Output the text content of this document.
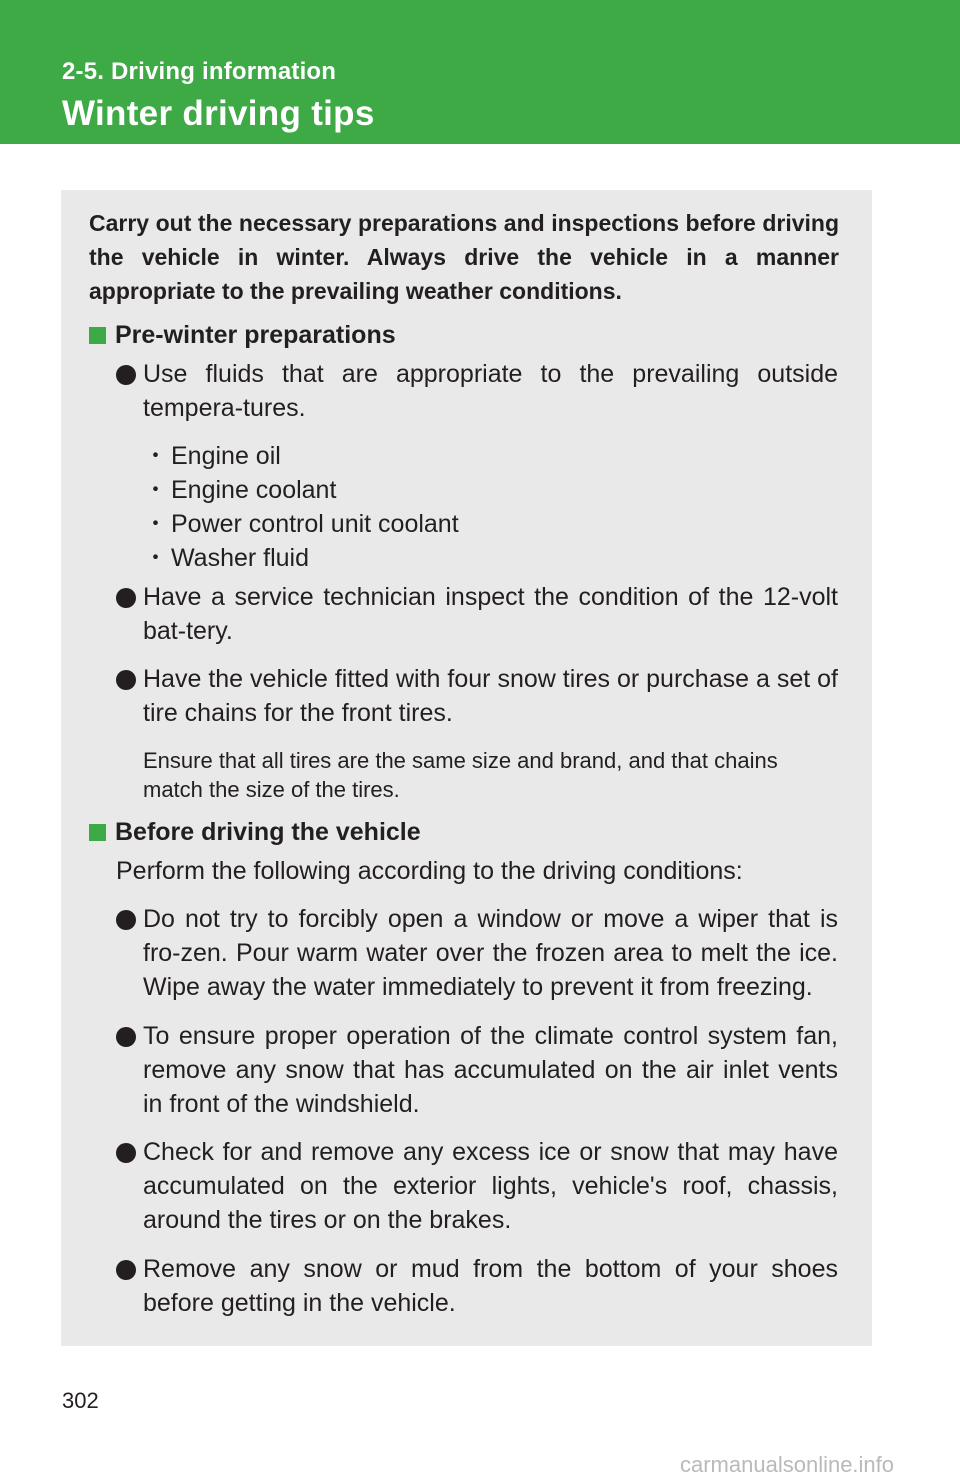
2-5. Driving information
Winter driving tips
Carry out the necessary preparations and inspections before driving the vehicle in winter. Always drive the vehicle in a manner appropriate to the prevailing weather conditions.
Pre-winter preparations
Use fluids that are appropriate to the prevailing outside tempera-tures.
・ Engine oil
・ Engine coolant
・ Power control unit coolant
・ Washer fluid
Have a service technician inspect the condition of the 12-volt bat-tery.
Have the vehicle fitted with four snow tires or purchase a set of tire chains for the front tires.
Ensure that all tires are the same size and brand, and that chains match the size of the tires.
Before driving the vehicle
Perform the following according to the driving conditions:
Do not try to forcibly open a window or move a wiper that is fro-zen. Pour warm water over the frozen area to melt the ice. Wipe away the water immediately to prevent it from freezing.
To ensure proper operation of the climate control system fan, remove any snow that has accumulated on the air inlet vents in front of the windshield.
Check for and remove any excess ice or snow that may have accumulated on the exterior lights, vehicle's roof, chassis, around the tires or on the brakes.
Remove any snow or mud from the bottom of your shoes before getting in the vehicle.
302
carmanualsonline.info
